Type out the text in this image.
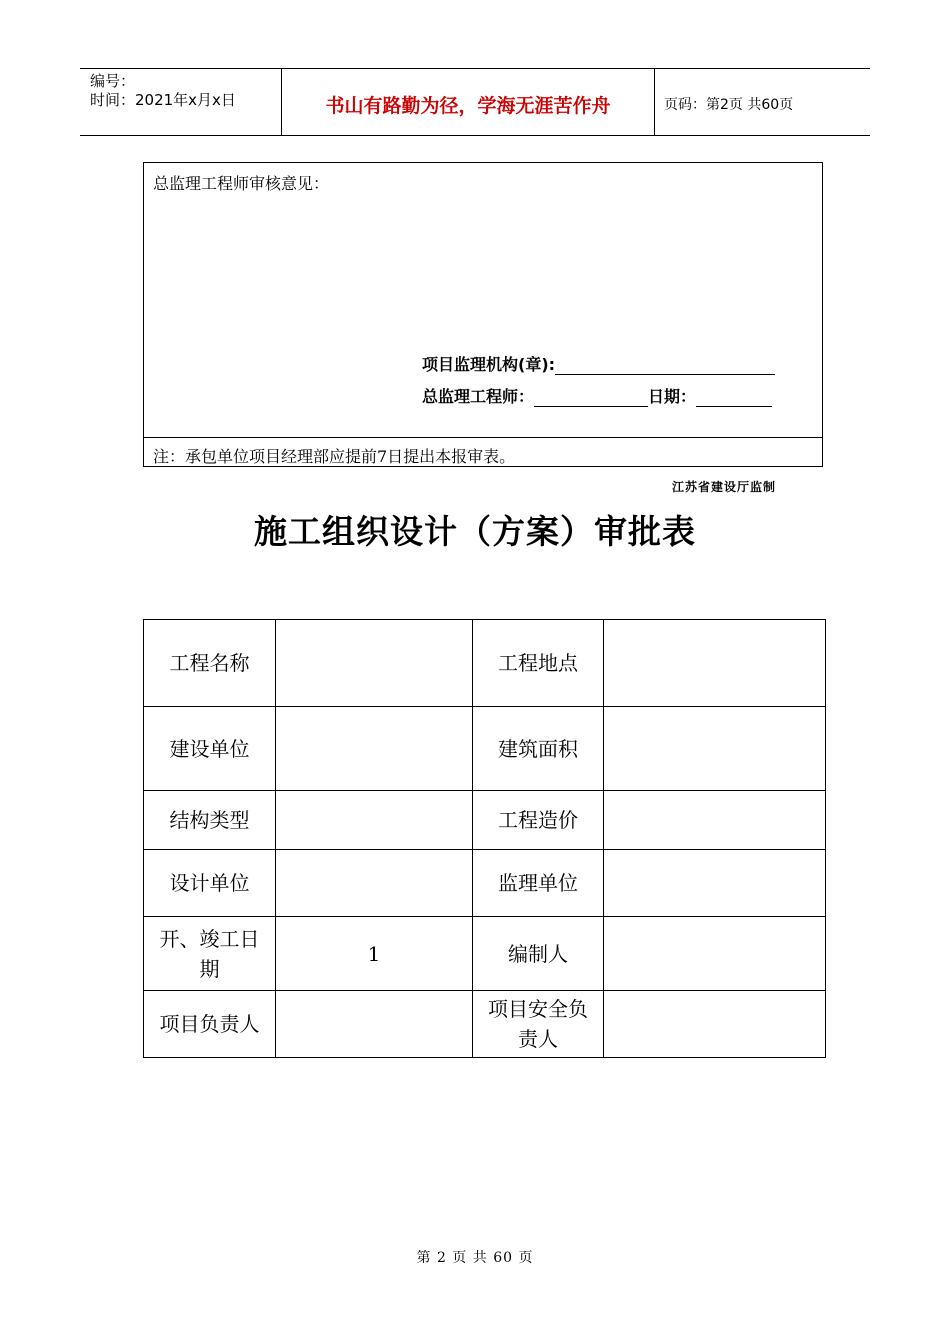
编号：
时间：2021年x月x日	书山有路勤为径，学海无涯苦作舟	页码：第2页 共60页
总监理工程师审核意见：
项目监理机构(章):
总监理工程师：	日期：
注：承包单位项目经理部应提前7日提出本报审表。
江苏省建设厅监制
施工组织设计（方案）审批表
工程名称		工程地点	
建设单位		建筑面积	
结构类型		工程造价	
设计单位		监理单位	
开、竣工日期	1	编制人	
项目负责人		项目安全负责人	
第 2 页 共 60 页
